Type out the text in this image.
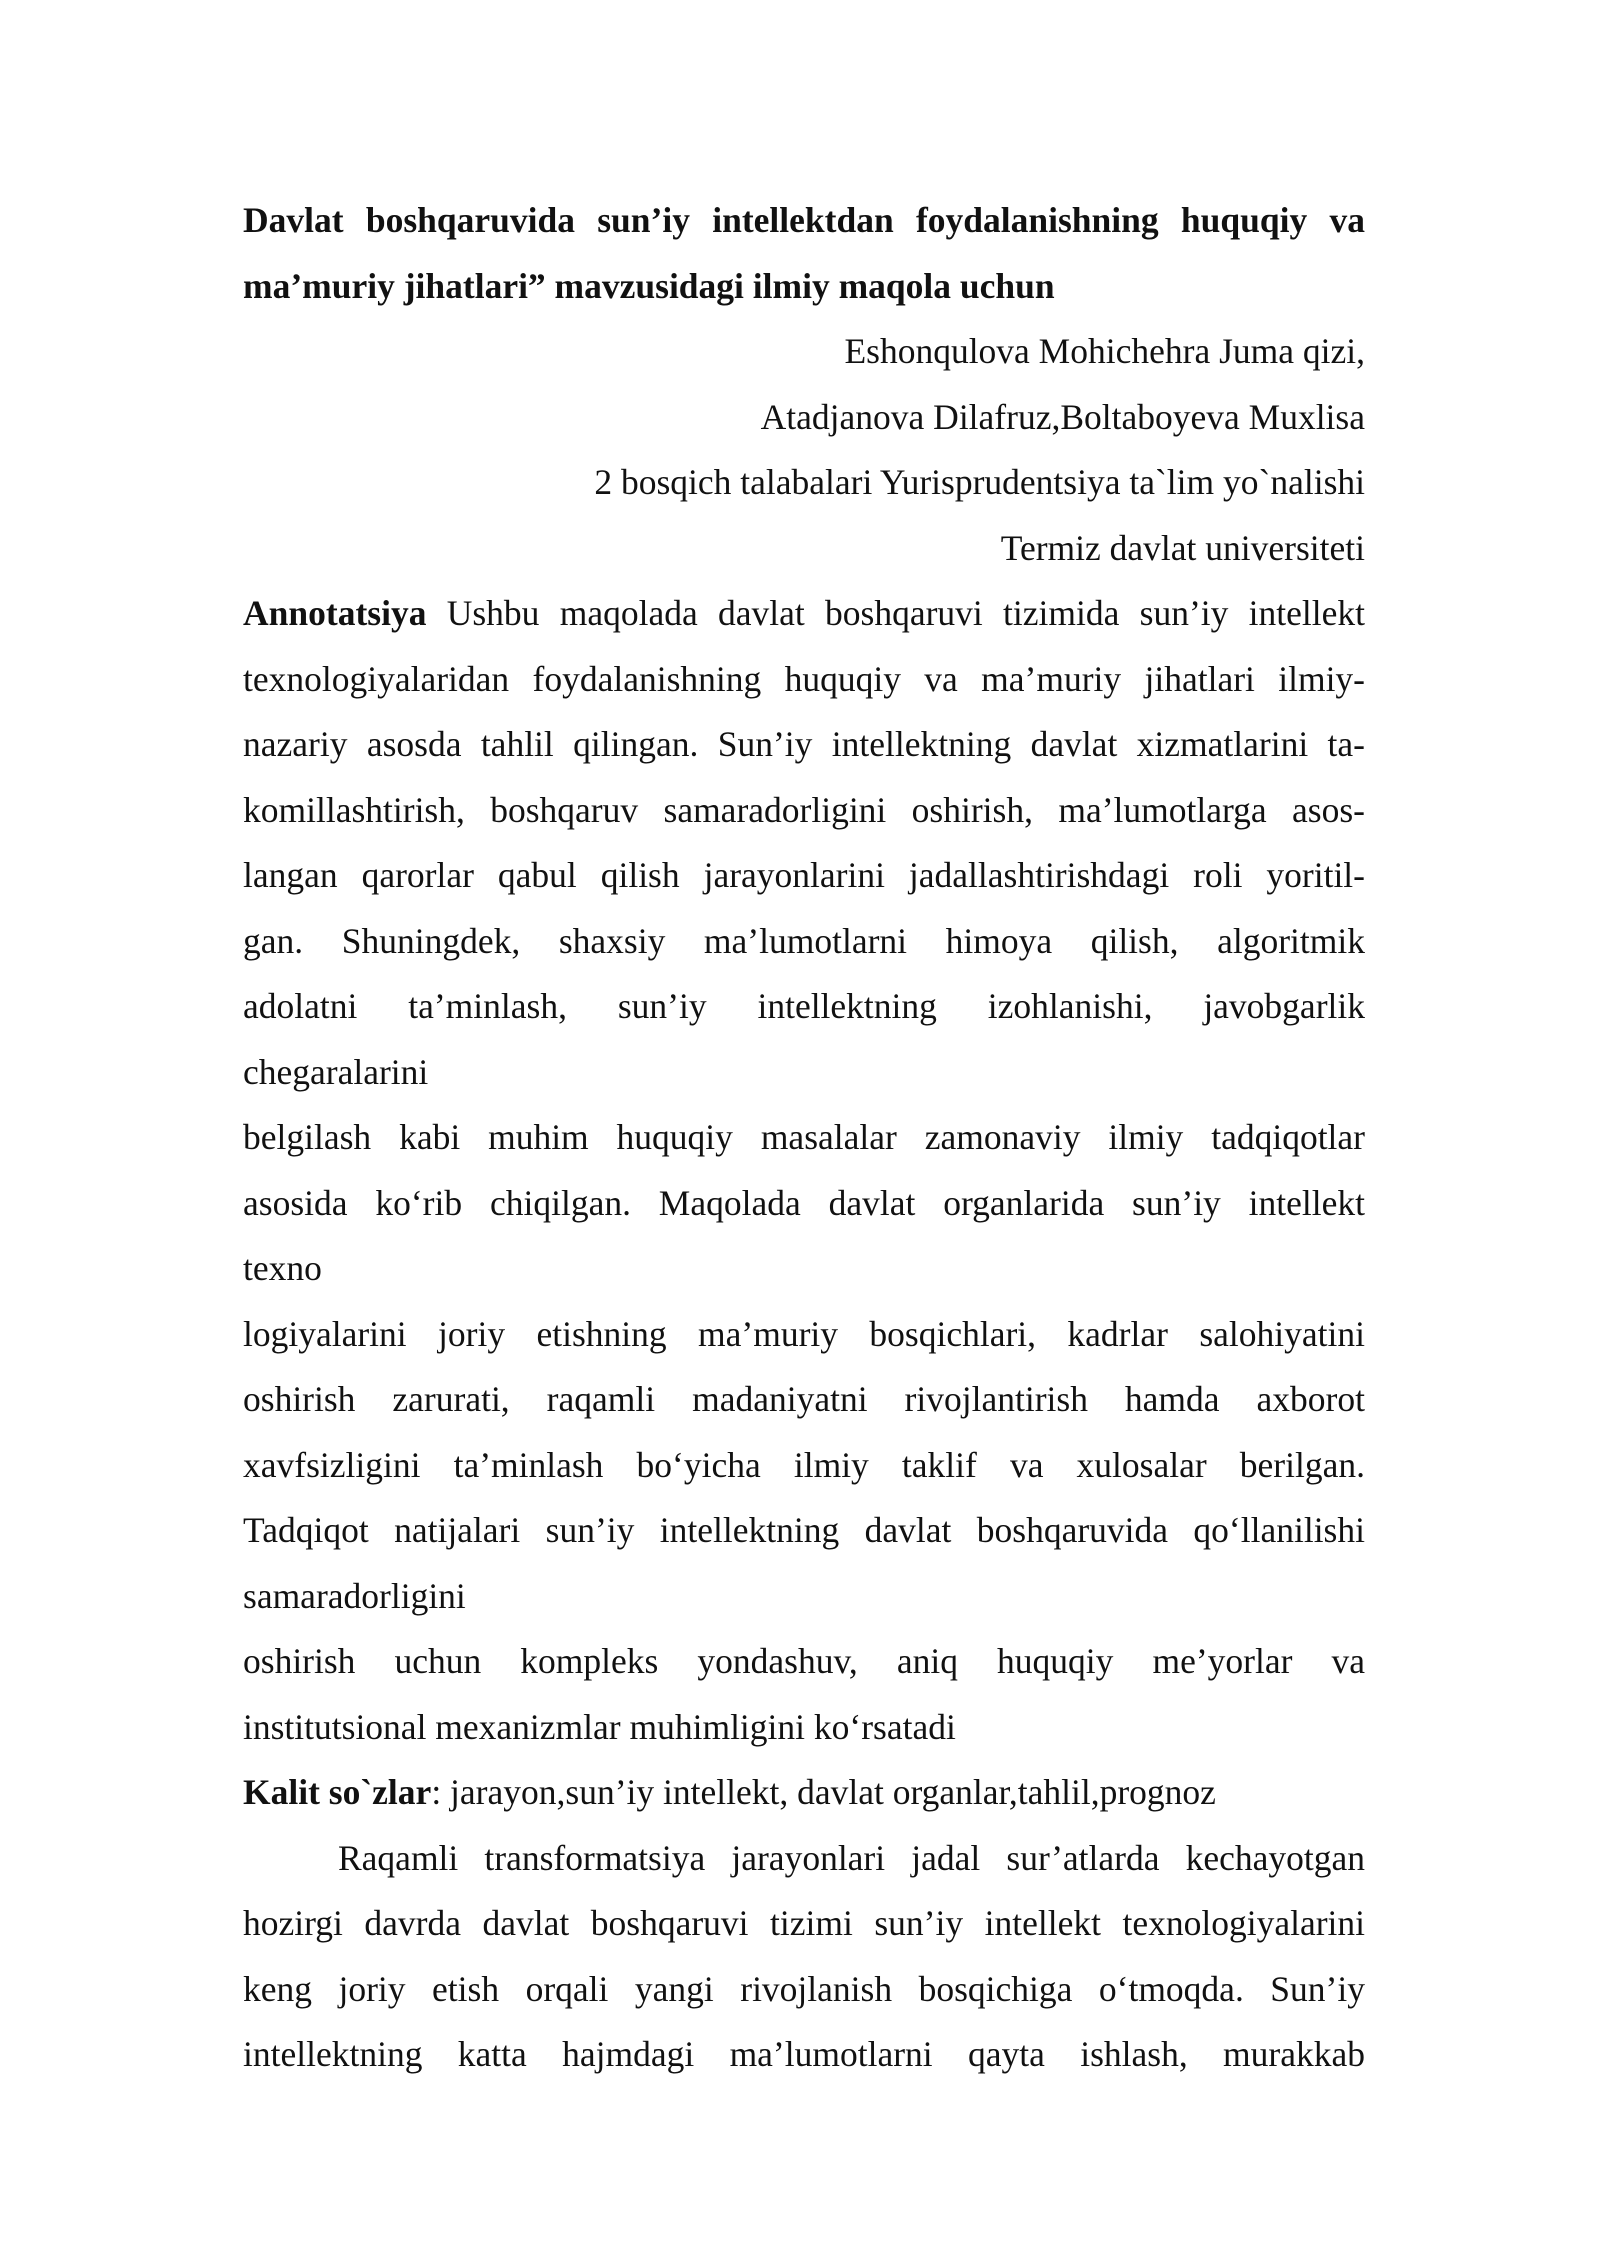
Davlat boshqaruvida sun’iy intellektdan foydalanishning huquqiy va
ma’muriy jihatlari” mavzusidagi ilmiy maqola uchun
Eshonqulova Mohichehra Juma qizi,
Atadjanova Dilafruz,Boltaboyeva Muxlisa
2 bosqich talabalari Yurisprudentsiya ta`lim yo`nalishi
Termiz davlat universiteti
Annotatsiya Ushbu maqolada davlat boshqaruvi tizimida sun’iy intellekt
texnologiyalaridan foydalanishning huquqiy va ma’muriy jihatlari ilmiy-
nazariy asosda tahlil qilingan. Sun’iy intellektning davlat xizmatlarini ta-
komillashtirish, boshqaruv samaradorligini oshirish, ma’lumotlarga asos-
langan qarorlar qabul qilish jarayonlarini jadallashtirishdagi roli yoritil-
gan. Shuningdek, shaxsiy ma’lumotlarni himoya qilish, algoritmik
adolatni ta’minlash, sun’iy intellektning izohlanishi, javobgarlik
chegaralarini
belgilash kabi muhim huquqiy masalalar zamonaviy ilmiy tadqiqotlar
asosida ko‘rib chiqilgan. Maqolada davlat organlarida sun’iy intellekt
texno
logiyalarini joriy etishning ma’muriy bosqichlari, kadrlar salohiyatini
oshirish zarurati, raqamli madaniyatni rivojlantirish hamda axborot
xavfsizligini ta’minlash bo‘yicha ilmiy taklif va xulosalar berilgan.
Tadqiqot natijalari sun’iy intellektning davlat boshqaruvida qo‘llanilishi
samaradorligini
oshirish uchun kompleks yondashuv, aniq huquqiy me’yorlar va
institutsional mexanizmlar muhimligini ko‘rsatadi
Kalit so`zlar: jarayon,sun’iy intellekt, davlat organlar,tahlil,prognoz
Raqamli transformatsiya jarayonlari jadal sur’atlarda kechayotgan
hozirgi davrda davlat boshqaruvi tizimi sun’iy intellekt texnologiyalarini
keng joriy etish orqali yangi rivojlanish bosqichiga o‘tmoqda. Sun’iy
intellektning katta hajmdagi ma’lumotlarni qayta ishlash, murakkab
